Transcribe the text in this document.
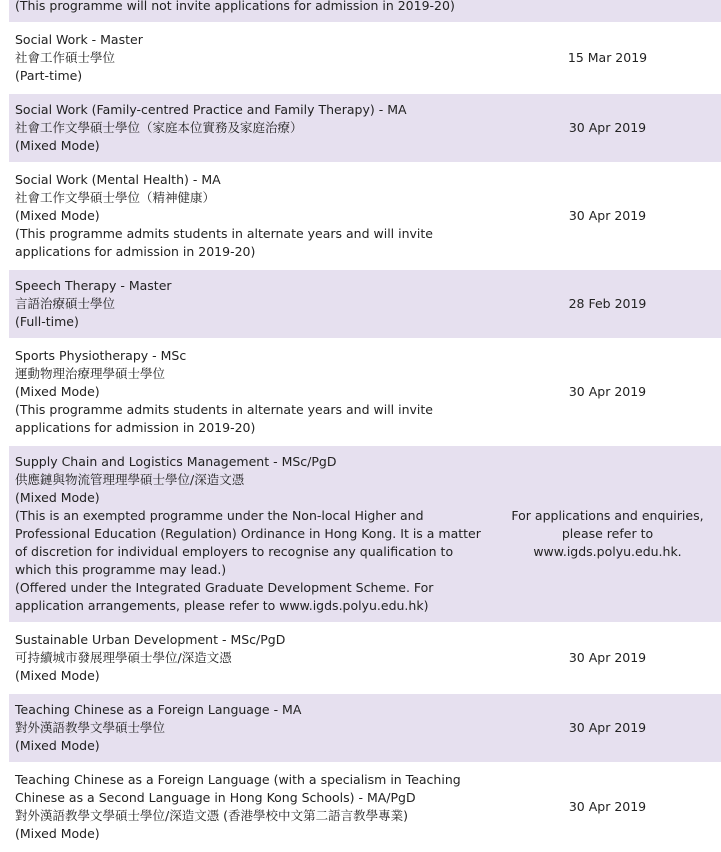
(This programme will not invite applications for admission in 2019-20)
Social Work - Master
社會工作碩士學位
(Part-time)
15 Mar 2019
Social Work (Family-centred Practice and Family Therapy) - MA
社會工作文學碩士學位（家庭本位實務及家庭治療）
(Mixed Mode)
30 Apr 2019
Social Work (Mental Health) - MA
社會工作文學碩士學位（精神健康）
(Mixed Mode)
(This programme admits students in alternate years and will invite applications for admission in 2019-20)
30 Apr 2019
Speech Therapy - Master
言語治療碩士學位
(Full-time)
28 Feb 2019
Sports Physiotherapy - MSc
運動物理治療理學碩士學位
(Mixed Mode)
(This programme admits students in alternate years and will invite applications for admission in 2019-20)
30 Apr 2019
Supply Chain and Logistics Management - MSc/PgD
供應鏈與物流管理理學碩士學位/深造文憑
(Mixed Mode)
(This is an exempted programme under the Non-local Higher and Professional Education (Regulation) Ordinance in Hong Kong. It is a matter of discretion for individual employers to recognise any qualification to which this programme may lead.)
(Offered under the Integrated Graduate Development Scheme. For application arrangements, please refer to www.igds.polyu.edu.hk)
For applications and enquiries, please refer to www.igds.polyu.edu.hk.
Sustainable Urban Development - MSc/PgD
可持續城市發展理學碩士學位/深造文憑
(Mixed Mode)
30 Apr 2019
Teaching Chinese as a Foreign Language - MA
對外漢語教學文學碩士學位
(Mixed Mode)
30 Apr 2019
Teaching Chinese as a Foreign Language (with a specialism in Teaching Chinese as a Second Language in Hong Kong Schools) - MA/PgD
對外漢語教學文學碩士學位/深造文憑 (香港學校中文第二語言教學專業)
(Mixed Mode)
30 Apr 2019
